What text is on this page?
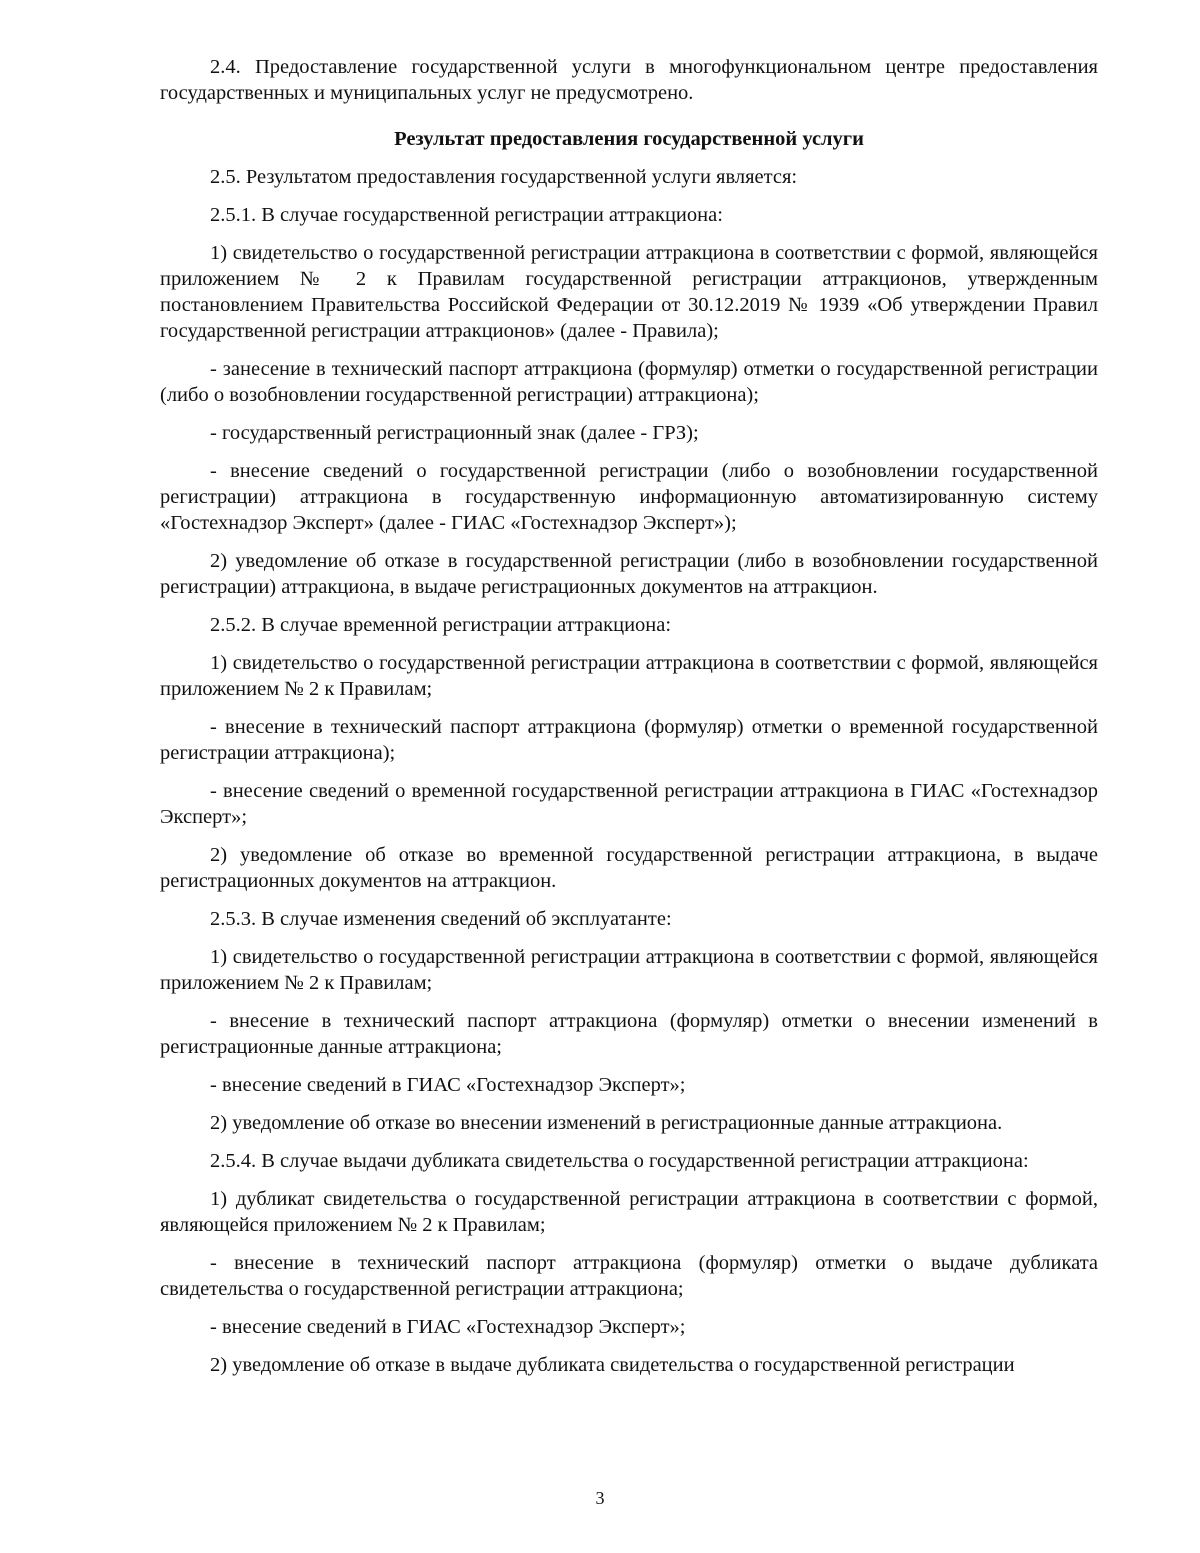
2.4. Предоставление государственной услуги в многофункциональном центре предоставления государственных и муниципальных услуг не предусмотрено.

Результат предоставления государственной услуги

2.5. Результатом предоставления государственной услуги является:

2.5.1. В случае государственной регистрации аттракциона:

1) свидетельство о государственной регистрации аттракциона в соответствии с формой, являющейся приложением № 2 к Правилам государственной регистрации аттракционов, утвержденным постановлением Правительства Российской Федерации от 30.12.2019 № 1939 «Об утверждении Правил государственной регистрации аттракционов» (далее - Правила);

- занесение в технический паспорт аттракциона (формуляр) отметки о государственной регистрации (либо о возобновлении государственной регистрации) аттракциона);

- государственный регистрационный знак (далее - ГРЗ);

- внесение сведений о государственной регистрации (либо о возобновлении государственной регистрации) аттракциона в государственную информационную автоматизированную систему «Гостехнадзор Эксперт» (далее - ГИАС «Гостехнадзор Эксперт»);

2) уведомление об отказе в государственной регистрации (либо в возобновлении государственной регистрации) аттракциона, в выдаче регистрационных документов на аттракцион.

2.5.2. В случае временной регистрации аттракциона:

1) свидетельство о государственной регистрации аттракциона в соответствии с формой, являющейся приложением № 2 к Правилам;

- внесение в технический паспорт аттракциона (формуляр) отметки о временной государственной регистрации аттракциона);

- внесение сведений о временной государственной регистрации аттракциона в ГИАС «Гостехнадзор Эксперт»;

2) уведомление об отказе во временной государственной регистрации аттракциона, в выдаче регистрационных документов на аттракцион.

2.5.3. В случае изменения сведений об эксплуатанте:

1) свидетельство о государственной регистрации аттракциона в соответствии с формой, являющейся приложением № 2 к Правилам;

- внесение в технический паспорт аттракциона (формуляр) отметки о внесении изменений в регистрационные данные аттракциона;

- внесение сведений в ГИАС «Гостехнадзор Эксперт»;

2) уведомление об отказе во внесении изменений в регистрационные данные аттракциона.

2.5.4. В случае выдачи дубликата свидетельства о государственной регистрации аттракциона:

1) дубликат свидетельства о государственной регистрации аттракциона в соответствии с формой, являющейся приложением № 2 к Правилам;

- внесение в технический паспорт аттракциона (формуляр) отметки о выдаче дубликата свидетельства о государственной регистрации аттракциона;

- внесение сведений в ГИАС «Гостехнадзор Эксперт»;

2) уведомление об отказе в выдаче дубликата свидетельства о государственной регистрации

3
